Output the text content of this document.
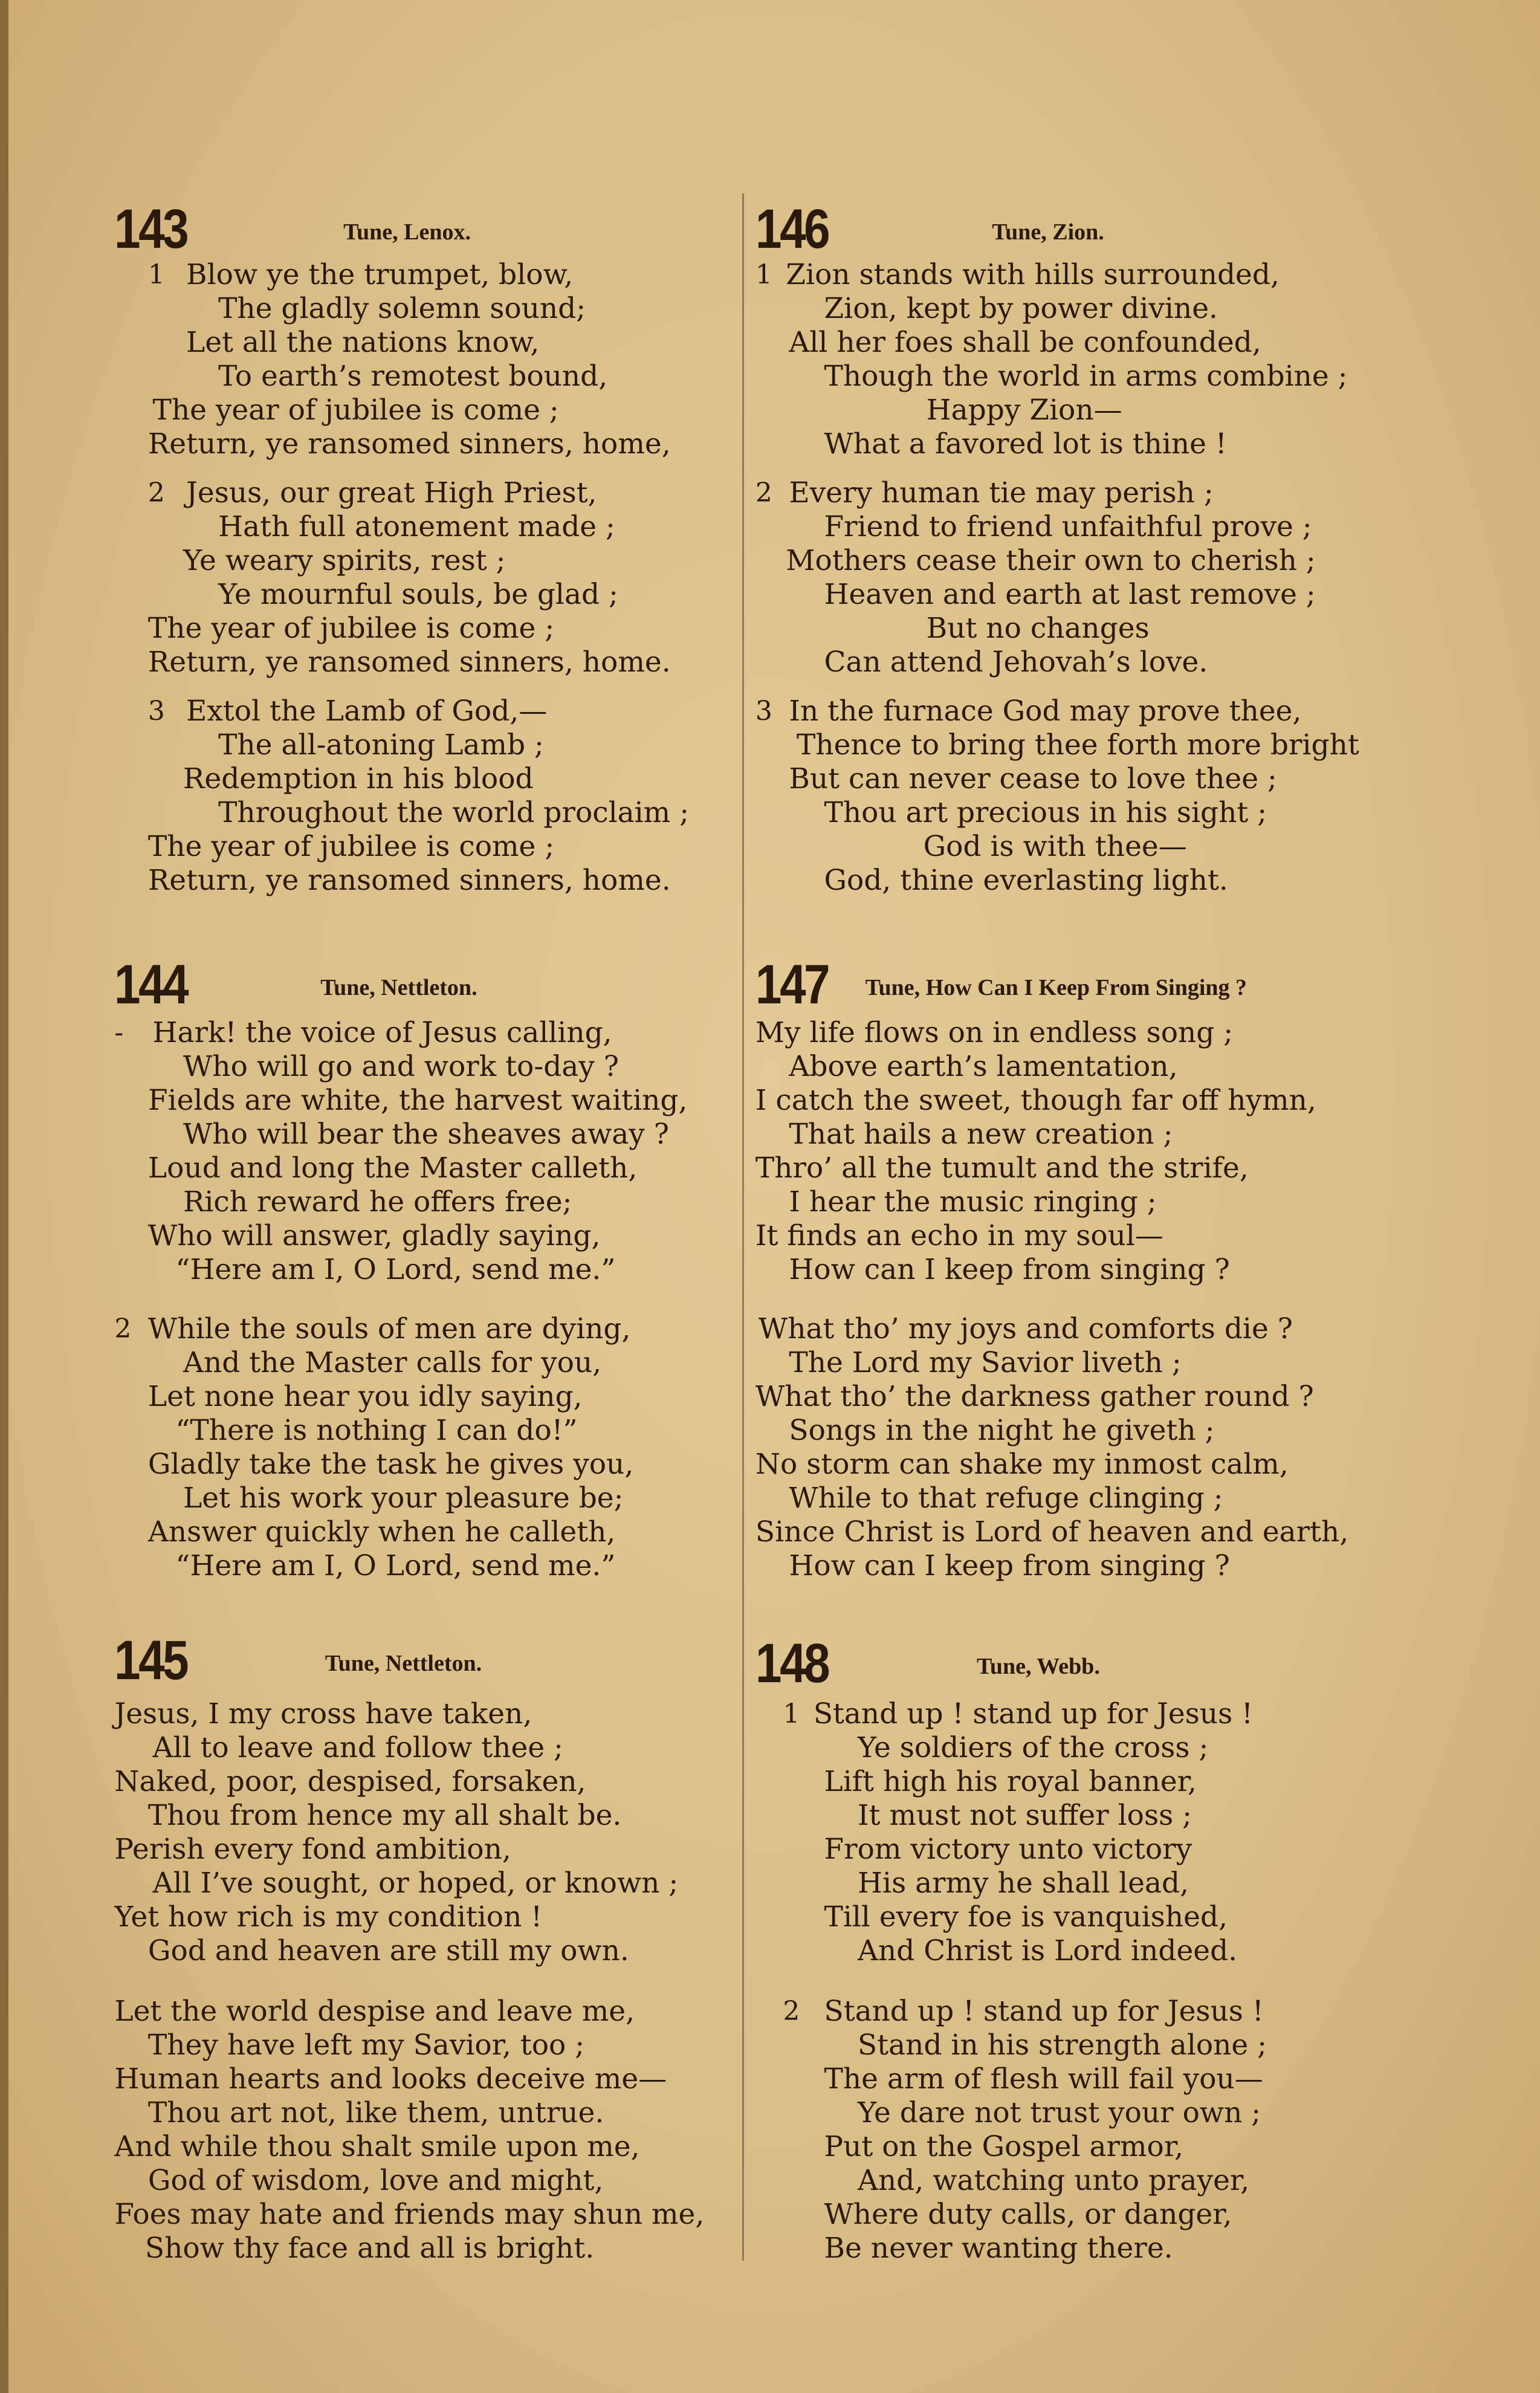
143	Tune, Lenox.
1 Blow ye the trumpet, blow,
The gladly solemn sound;
Let all the nations know,
To earth’s remotest bound,
The year of jubilee is come ;
Return, ye ransomed sinners, home,
2 Jesus, our great High Priest,
Hath full atonement made ;
Ye weary spirits, rest ;
Ye mournful souls, be glad ;
The year of jubilee is come ;
Return, ye ransomed sinners, home.
3 Extol the Lamb of God,—
The all-atoning Lamb ;
Redemption in his blood
Throughout the world proclaim ;
The year of jubilee is come ;
Return, ye ransomed sinners, home.
144	Tune, Nettleton.
- Hark! the voice of Jesus calling,
Who will go and work to-day ?
Fields are white, the harvest waiting,
Who will bear the sheaves away ?
Loud and long the Master calleth,
Rich reward he offers free;
Who will answer, gladly saying,
“Here am I, O Lord, send me.”
2 While the souls of men are dying,
And the Master calls for you,
Let none hear you idly saying,
“There is nothing I can do!”
Gladly take the task he gives you,
Let his work your pleasure be;
Answer quickly when he calleth,
“Here am I, O Lord, send me.”
145	Tune, Nettleton.
Jesus, I my cross have taken,
All to leave and follow thee ;
Naked, poor, despised, forsaken,
Thou from hence my all shalt be.
Perish every fond ambition,
All I’ve sought, or hoped, or known ;
Yet how rich is my condition !
God and heaven are still my own.
Let the world despise and leave me,
They have left my Savior, too ;
Human hearts and looks deceive me—
Thou art not, like them, untrue.
And while thou shalt smile upon me,
God of wisdom, love and might,
Foes may hate and friends may shun me,
Show thy face and all is bright.
146	Tune, Zion.
1 Zion stands with hills surrounded,
Zion, kept by power divine.
All her foes shall be confounded,
Though the world in arms combine ;
Happy Zion—
What a favored lot is thine !
2 Every human tie may perish ;
Friend to friend unfaithful prove ;
Mothers cease their own to cherish ;
Heaven and earth at last remove ;
But no changes
Can attend Jehovah’s love.
3 In the furnace God may prove thee,
Thence to bring thee forth more bright
But can never cease to love thee ;
Thou art precious in his sight ;
God is with thee—
God, thine everlasting light.
147 Tune, How Can I Keep From Singing ?
My life flows on in endless song ;
Above earth’s lamentation,
I catch the sweet, though far off hymn,
That hails a new creation ;
Thro’ all the tumult and the strife,
I hear the music ringing ;
It finds an echo in my soul—
How can I keep from singing ?
What tho’ my joys and comforts die ?
The Lord my Savior liveth ;
What tho’ the darkness gather round ?
Songs in the night he giveth ;
No storm can shake my inmost calm,
While to that refuge clinging ;
Since Christ is Lord of heaven and earth,
How can I keep from singing ?
148	Tune, Webb.
1 Stand up ! stand up for Jesus !
Ye soldiers of the cross ;
Lift high his royal banner,
It must not suffer loss ;
From victory unto victory
His army he shall lead,
Till every foe is vanquished,
And Christ is Lord indeed.
2 Stand up ! stand up for Jesus !
Stand in his strength alone ;
The arm of flesh will fail you—
Ye dare not trust your own ;
Put on the Gospel armor,
And, watching unto prayer,
Where duty calls, or danger,
Be never wanting there.
